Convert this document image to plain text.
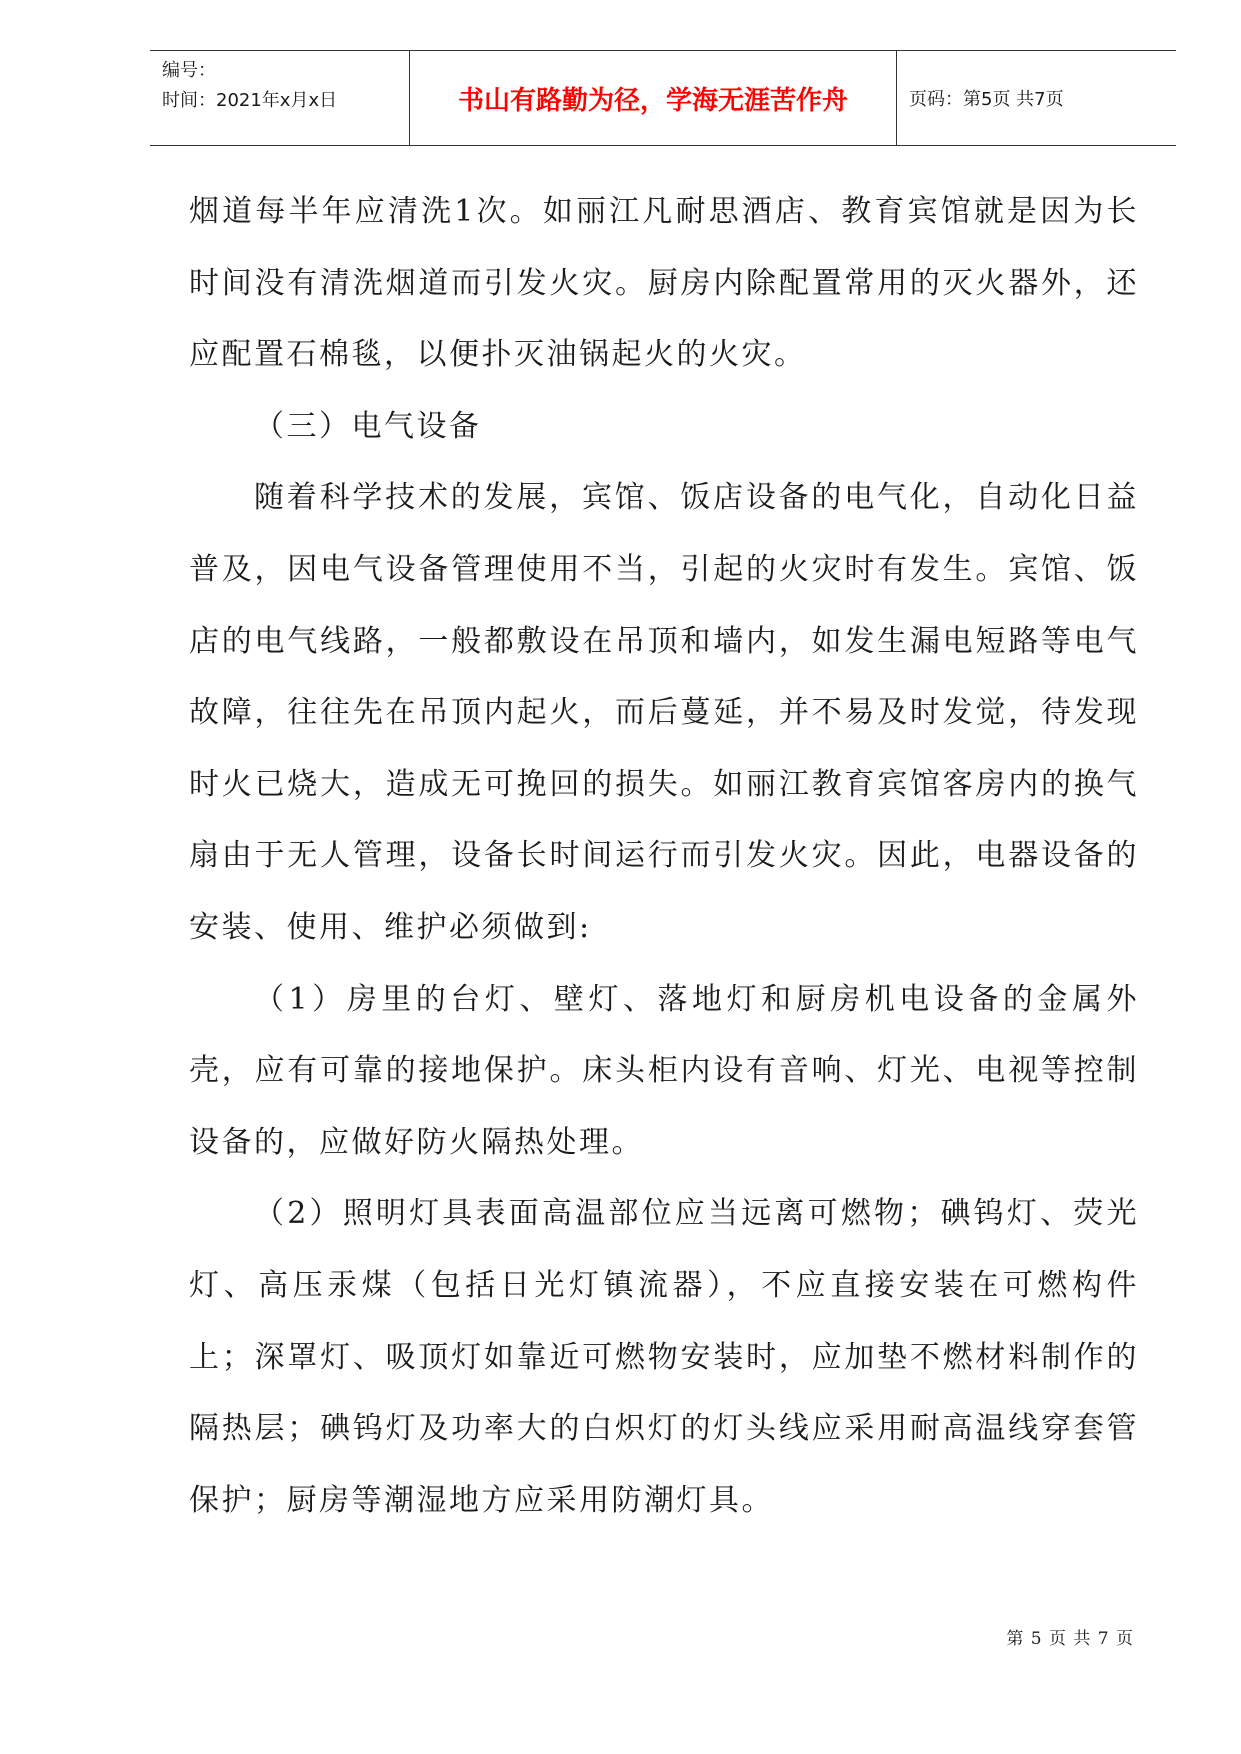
编号：
时间：2021年x月x日	书山有路勤为径，学海无涯苦作舟	页码：第5页 共7页

烟道每半年应清洗1次。如丽江凡耐思酒店、教育宾馆就是因为长时间没有清洗烟道而引发火灾。厨房内除配置常用的灭火器外，还应配置石棉毯，以便扑灭油锅起火的火灾。

（三）电气设备

随着科学技术的发展，宾馆、饭店设备的电气化，自动化日益普及，因电气设备管理使用不当，引起的火灾时有发生。宾馆、饭店的电气线路，一般都敷设在吊顶和墙内，如发生漏电短路等电气故障，往往先在吊顶内起火，而后蔓延，并不易及时发觉，待发现时火已烧大，造成无可挽回的损失。如丽江教育宾馆客房内的换气扇由于无人管理，设备长时间运行而引发火灾。因此，电器设备的安装、使用、维护必须做到:

（1）房里的台灯、壁灯、落地灯和厨房机电设备的金属外壳，应有可靠的接地保护。床头柜内设有音响、灯光、电视等控制设备的，应做好防火隔热处理。

（2）照明灯具表面高温部位应当远离可燃物；碘钨灯、荧光灯、高压汞煤（包括日光灯镇流器），不应直接安装在可燃构件上；深罩灯、吸顶灯如靠近可燃物安装时，应加垫不燃材料制作的隔热层；碘钨灯及功率大的白炽灯的灯头线应采用耐高温线穿套管保护；厨房等潮湿地方应采用防潮灯具。

第 5 页 共 7 页
